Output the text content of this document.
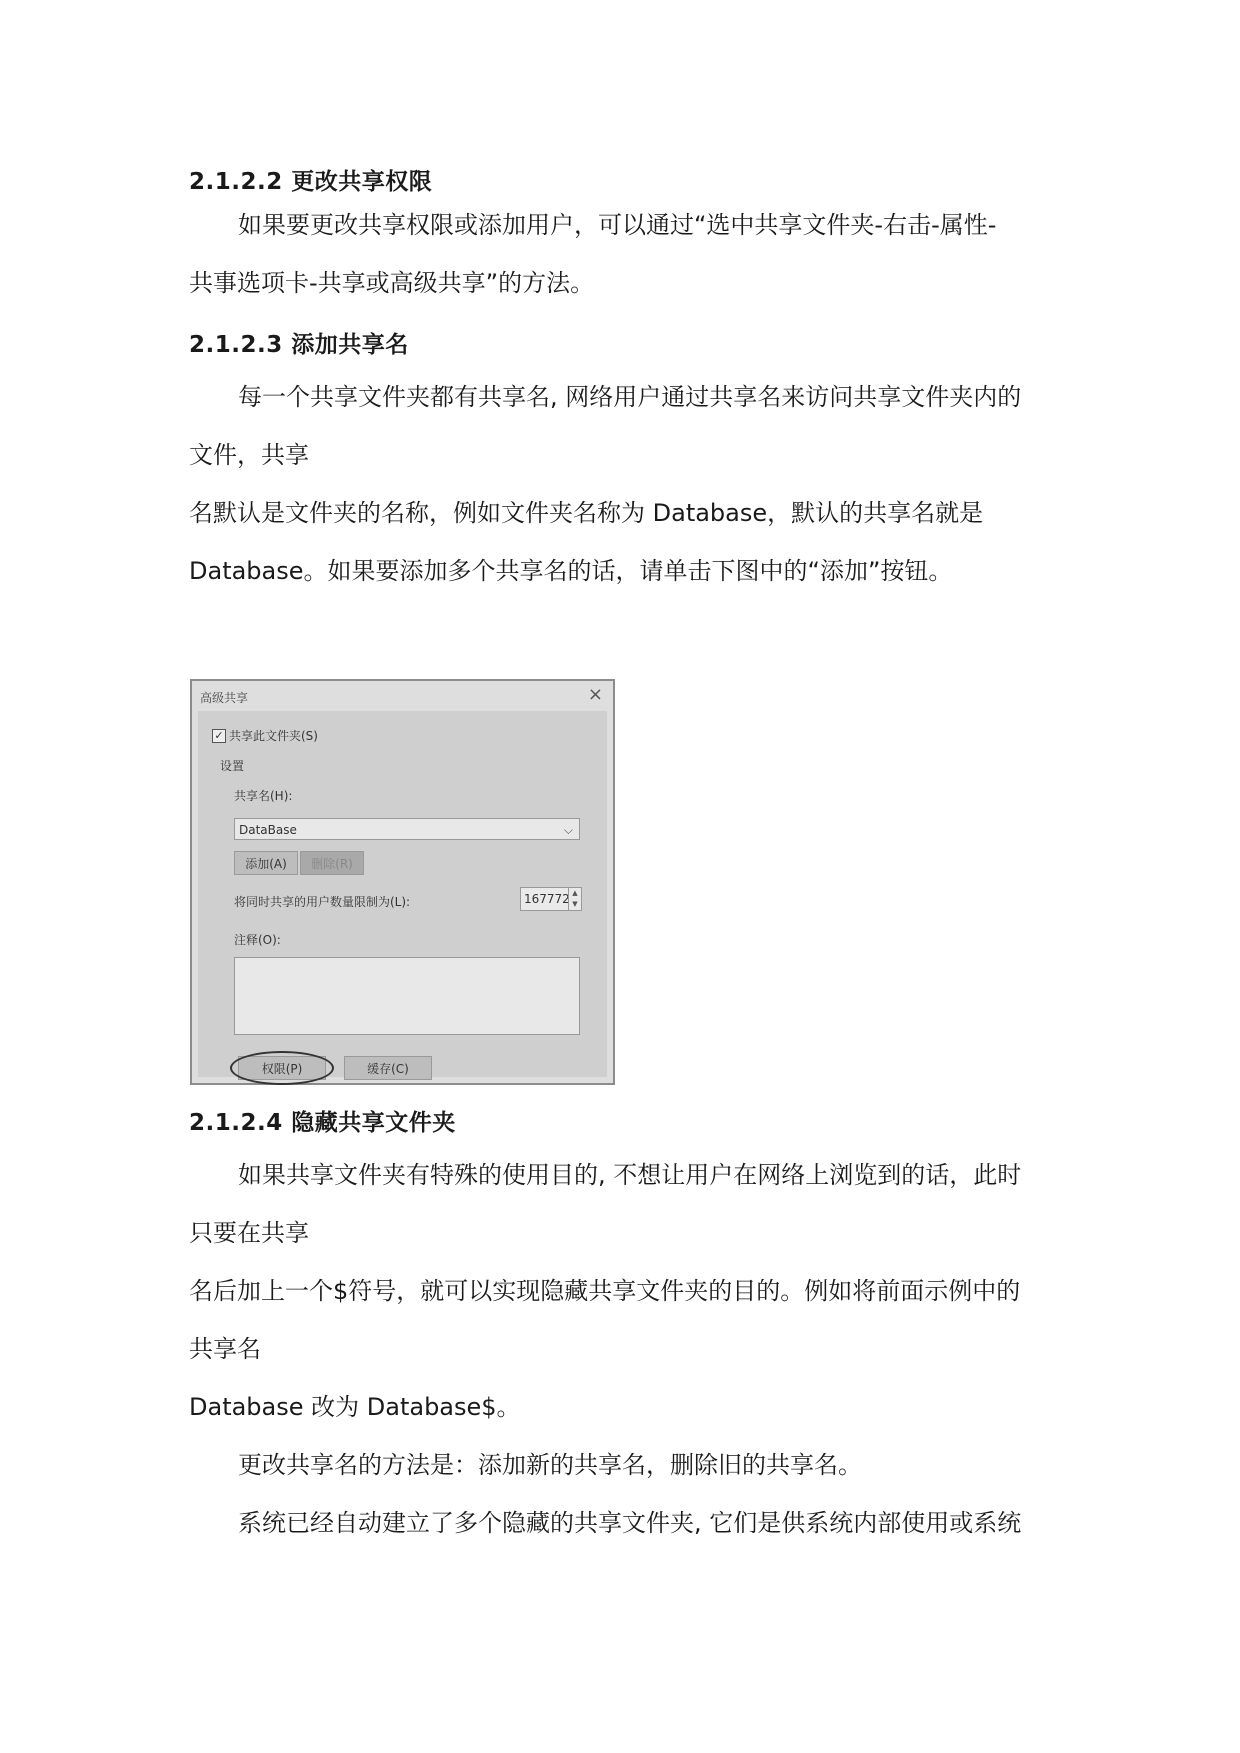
2.1.2.2 更改共享权限
如果要更改共享权限或添加用户，可以通过“选中共享文件夹-右击-属性-
共事选项卡-共享或高级共享”的方法。
2.1.2.3 添加共享名
每一个共享文件夹都有共享名, 网络用户通过共享名来访问共享文件夹内的
文件，共享
名默认是文件夹的名称，例如文件夹名称为 Database，默认的共享名就是
Database。如果要添加多个共享名的话，请单击下图中的“添加”按钮。
高级共享	×
✓ 共享此文件夹(S)
设置
共享名(H):
DataBase	⌵
添加(A)	删除(R)
将同时共享的用户数量限制为(L):	167772 ▲
▼
注释(O):
权限(P)	缓存(C)
2.1.2.4 隐藏共享文件夹
如果共享文件夹有特殊的使用目的, 不想让用户在网络上浏览到的话，此时
只要在共享
名后加上一个$符号，就可以实现隐藏共享文件夹的目的。例如将前面示例中的
共享名
Database 改为 Database$。
更改共享名的方法是：添加新的共享名，删除旧的共享名。
系统已经自动建立了多个隐藏的共享文件夹, 它们是供系统内部使用或系统
